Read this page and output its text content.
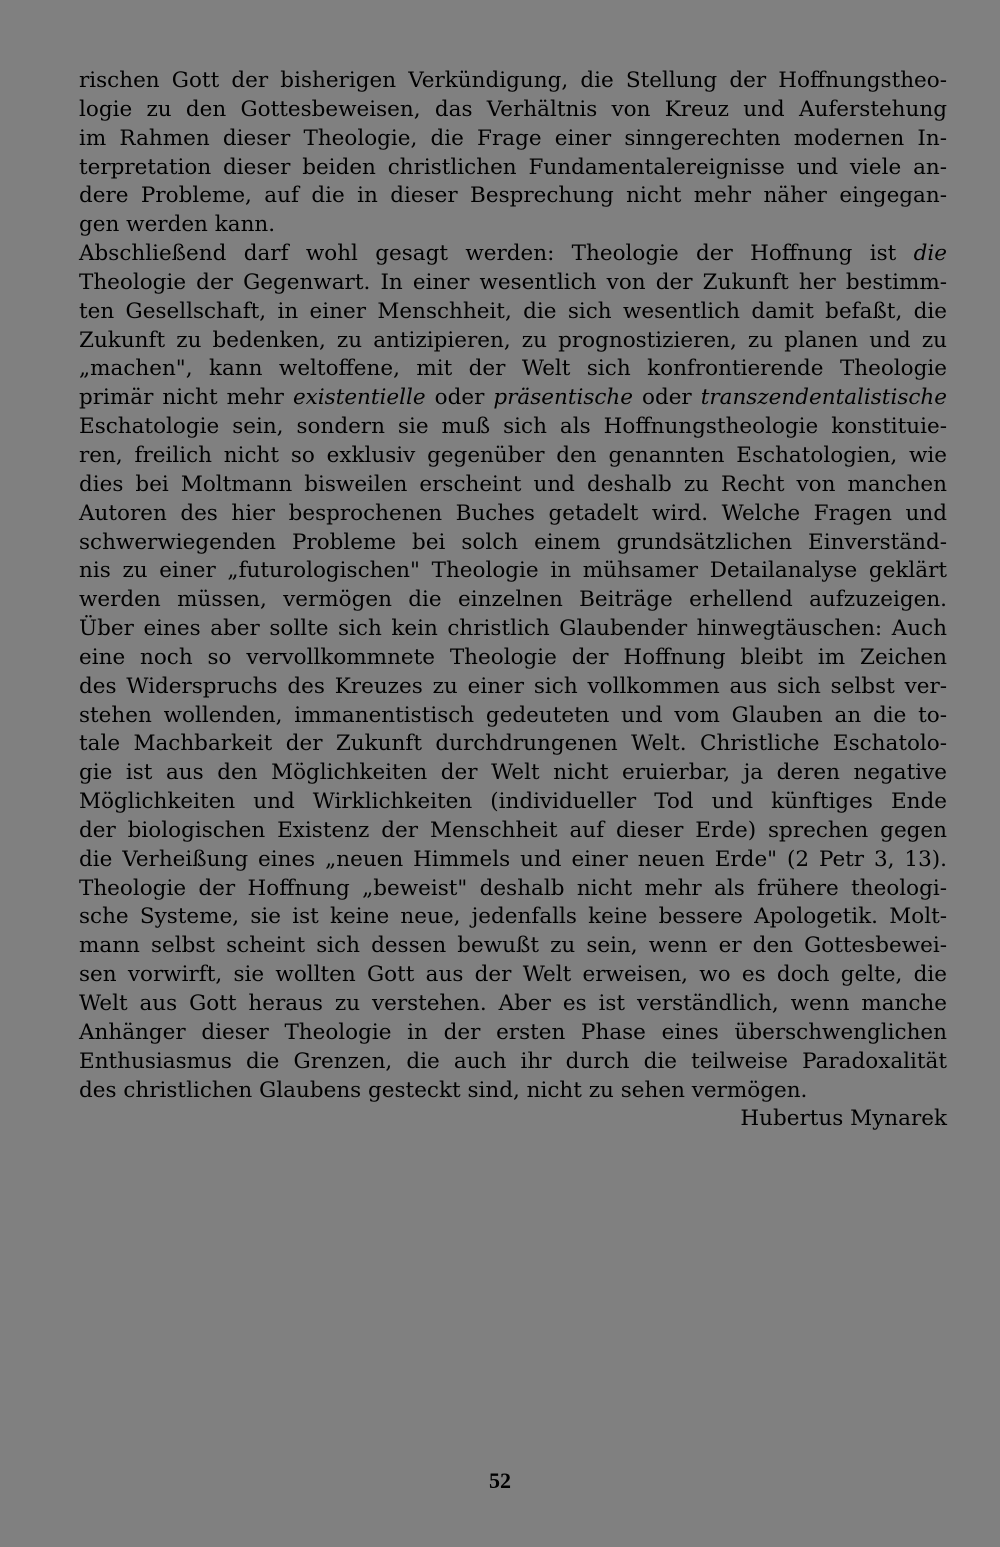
rischen Gott der bisherigen Verkündigung, die Stellung der Hoffnungstheo-
logie zu den Gottesbeweisen, das Verhältnis von Kreuz und Auferstehung
im Rahmen dieser Theologie, die Frage einer sinngerechten modernen In-
terpretation dieser beiden christlichen Fundamentalereignisse und viele an-
dere Probleme, auf die in dieser Besprechung nicht mehr näher eingegan-
gen werden kann.
Abschließend darf wohl gesagt werden: Theologie der Hoffnung ist die
Theologie der Gegenwart. In einer wesentlich von der Zukunft her bestimm-
ten Gesellschaft, in einer Menschheit, die sich wesentlich damit befaßt, die
Zukunft zu bedenken, zu antizipieren, zu prognostizieren, zu planen und zu
„machen", kann weltoffene, mit der Welt sich konfrontierende Theologie
primär nicht mehr existentielle oder präsentische oder transzendentalistische
Eschatologie sein, sondern sie muß sich als Hoffnungstheologie konstituie-
ren, freilich nicht so exklusiv gegenüber den genannten Eschatologien, wie
dies bei Moltmann bisweilen erscheint und deshalb zu Recht von manchen
Autoren des hier besprochenen Buches getadelt wird. Welche Fragen und
schwerwiegenden Probleme bei solch einem grundsätzlichen Einverständ-
nis zu einer „futurologischen" Theologie in mühsamer Detailanalyse geklärt
werden müssen, vermögen die einzelnen Beiträge erhellend aufzuzeigen.
Über eines aber sollte sich kein christlich Glaubender hinwegtäuschen: Auch
eine noch so vervollkommnete Theologie der Hoffnung bleibt im Zeichen
des Widerspruchs des Kreuzes zu einer sich vollkommen aus sich selbst ver-
stehen wollenden, immanentistisch gedeuteten und vom Glauben an die to-
tale Machbarkeit der Zukunft durchdrungenen Welt. Christliche Eschatolo-
gie ist aus den Möglichkeiten der Welt nicht eruierbar, ja deren negative
Möglichkeiten und Wirklichkeiten (individueller Tod und künftiges Ende
der biologischen Existenz der Menschheit auf dieser Erde) sprechen gegen
die Verheißung eines „neuen Himmels und einer neuen Erde" (2 Petr 3, 13).
Theologie der Hoffnung „beweist" deshalb nicht mehr als frühere theologi-
sche Systeme, sie ist keine neue, jedenfalls keine bessere Apologetik. Molt-
mann selbst scheint sich dessen bewußt zu sein, wenn er den Gottesbewei-
sen vorwirft, sie wollten Gott aus der Welt erweisen, wo es doch gelte, die
Welt aus Gott heraus zu verstehen. Aber es ist verständlich, wenn manche
Anhänger dieser Theologie in der ersten Phase eines überschwenglichen
Enthusiasmus die Grenzen, die auch ihr durch die teilweise Paradoxalität
des christlichen Glaubens gesteckt sind, nicht zu sehen vermögen.
Hubertus Mynarek
52
